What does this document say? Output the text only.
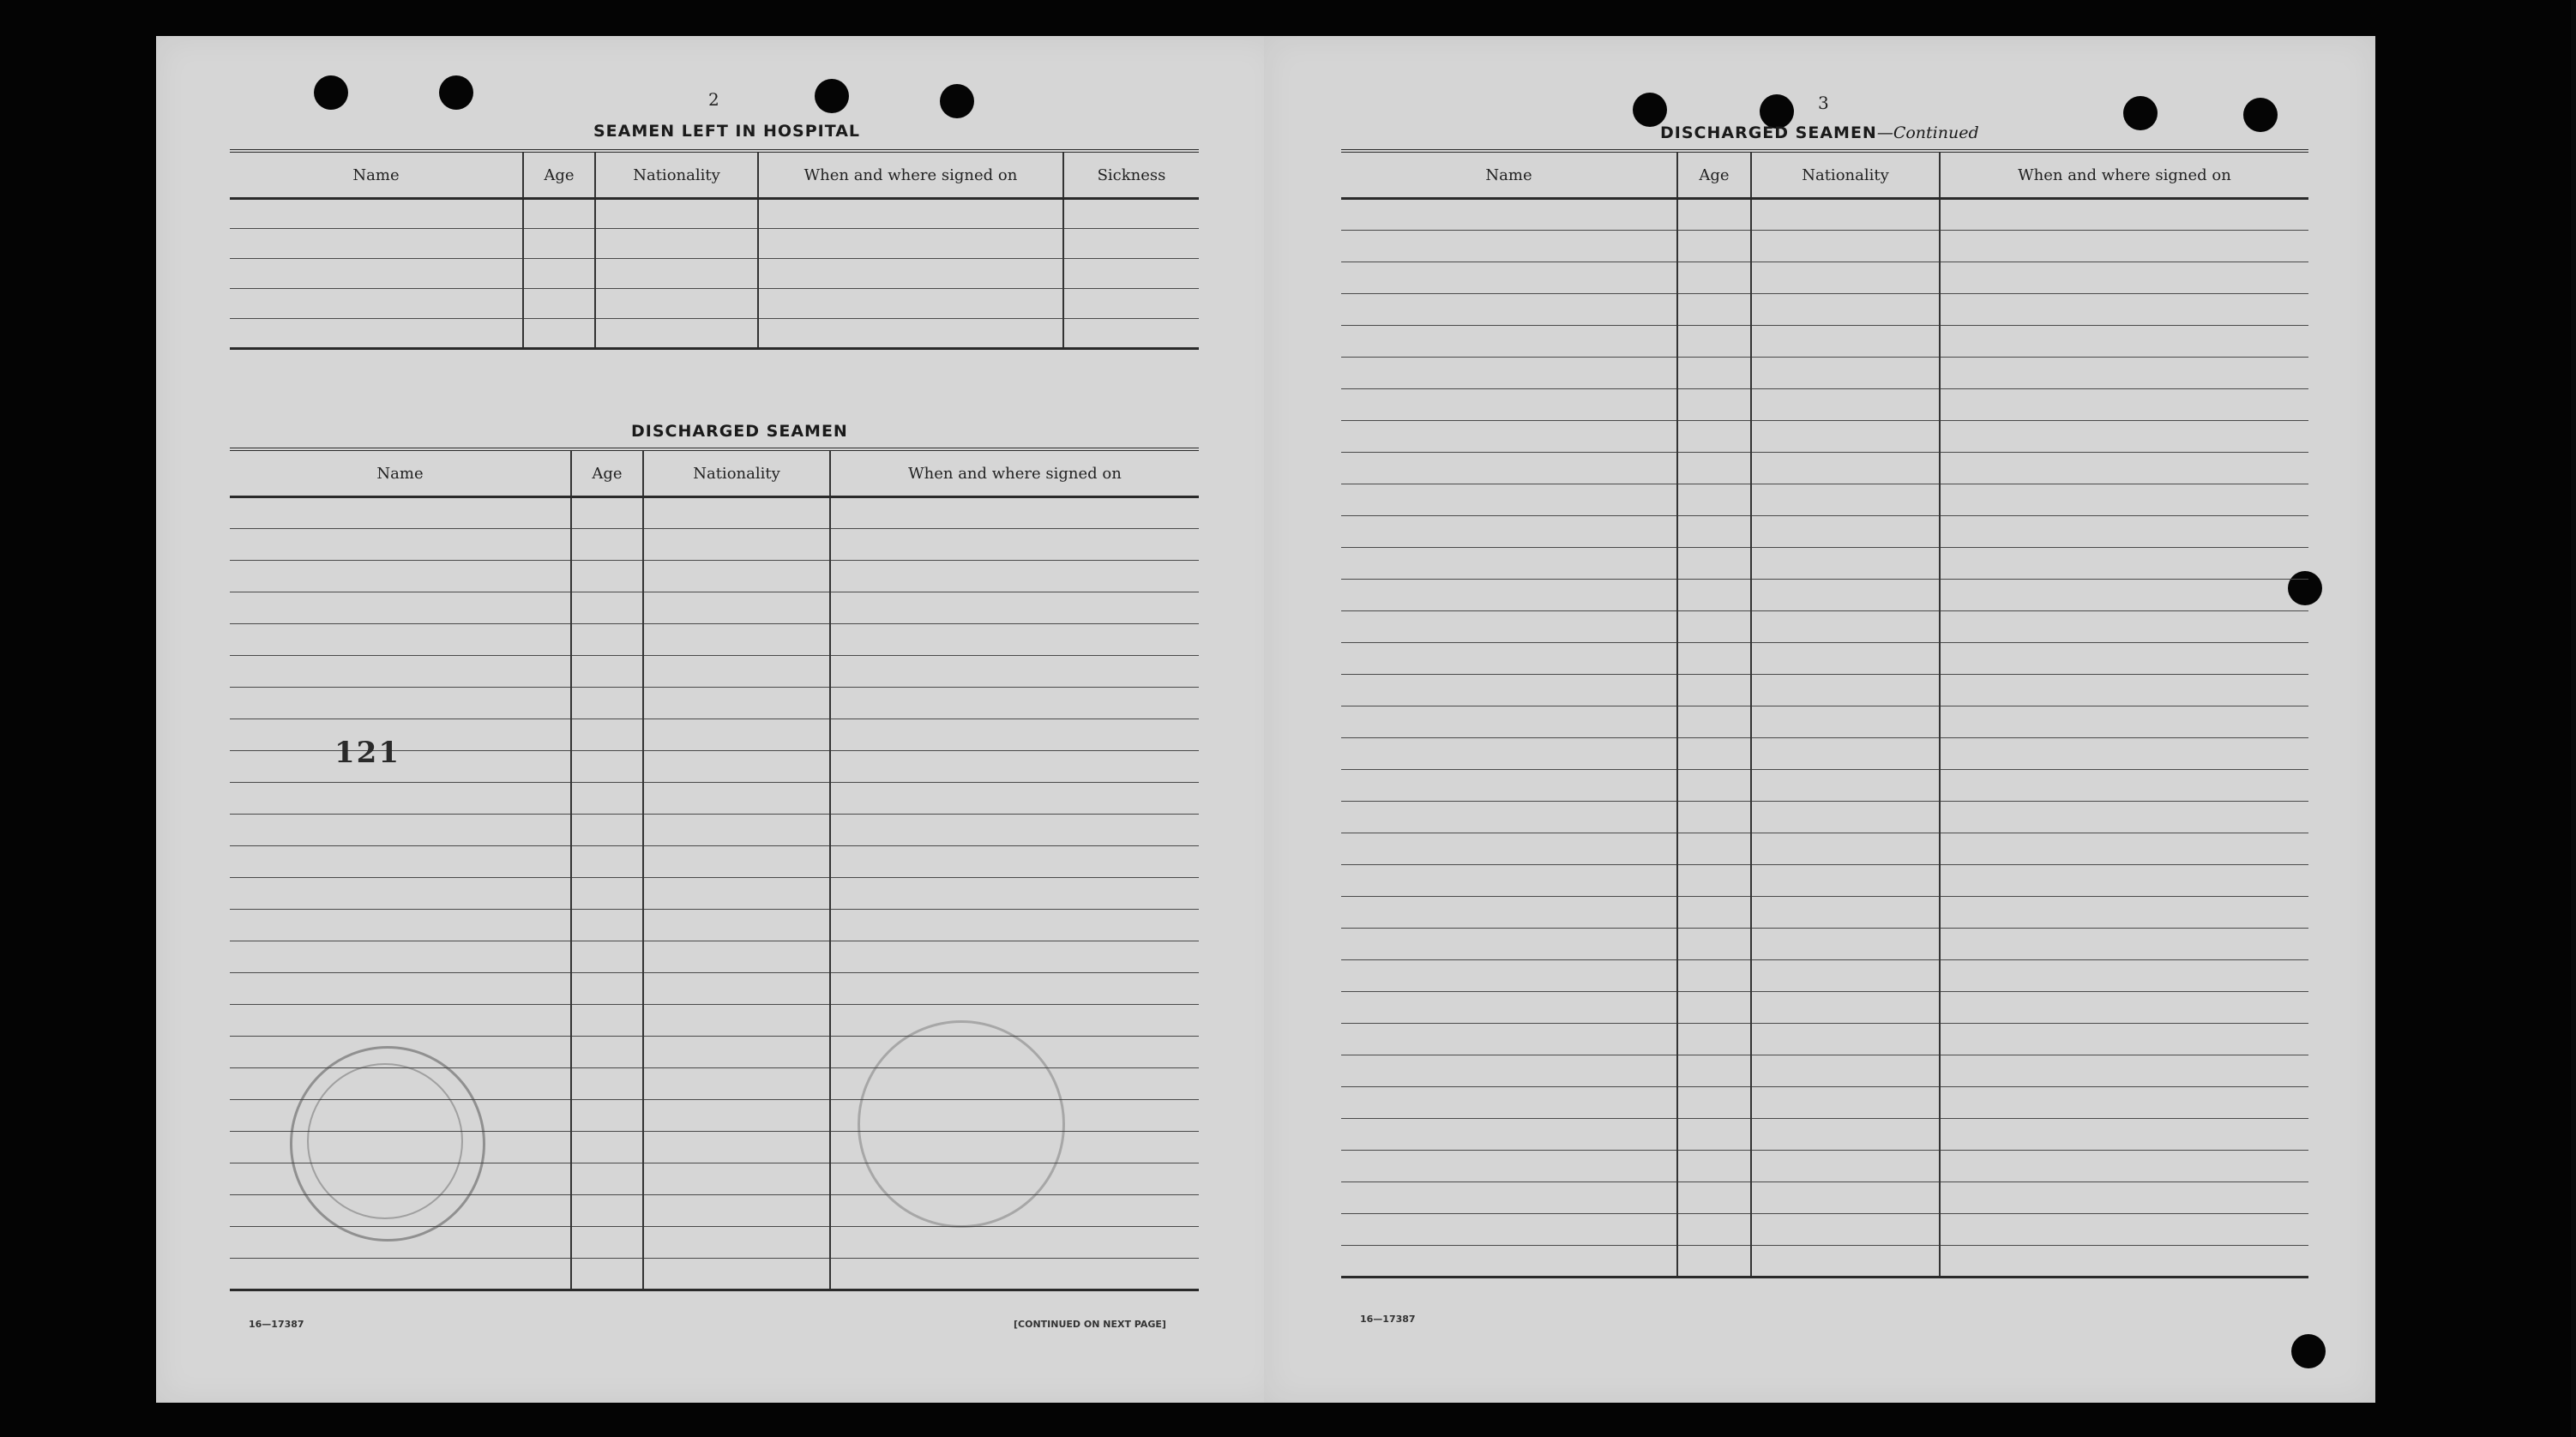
2
SEAMEN LEFT IN HOSPITAL
Name	Age	Nationality	When and where signed on	Sickness

DISCHARGED SEAMEN
Name	Age	Nationality	When and where signed on

121
16—17387	[CONTINUED ON NEXT PAGE]
3
DISCHARGED SEAMEN—Continued
Name	Age	Nationality	When and where signed on

16—17387
